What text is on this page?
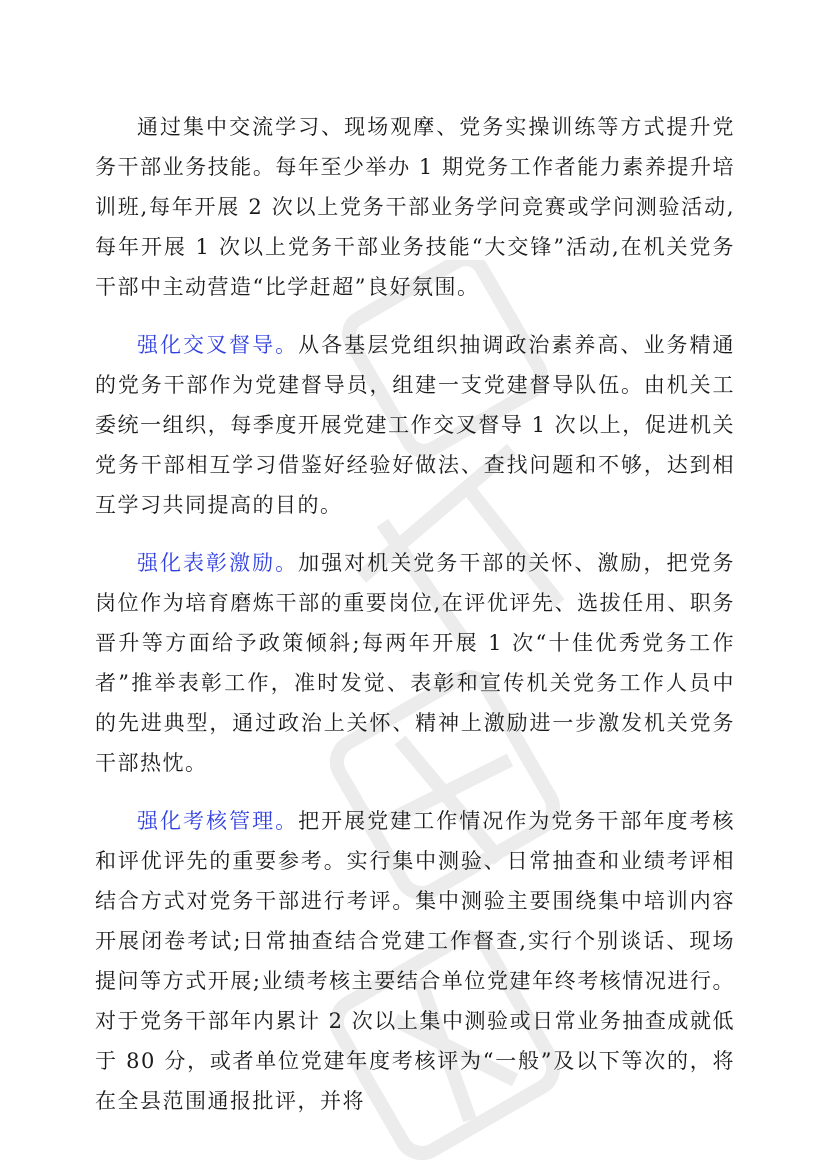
通过集中交流学习、现场观摩、党务实操训练等方式提升党务干部业务技能。每年至少举办 1 期党务工作者能力素养提升培训班,每年开展 2 次以上党务干部业务学问竞赛或学问测验活动,每年开展 1 次以上党务干部业务技能“大交锋”活动,在机关党务干部中主动营造“比学赶超”良好氛围。

强化交叉督导。从各基层党组织抽调政治素养高、业务精通的党务干部作为党建督导员，组建一支党建督导队伍。由机关工委统一组织，每季度开展党建工作交叉督导 1 次以上，促进机关党务干部相互学习借鉴好经验好做法、查找问题和不够，达到相互学习共同提高的目的。

强化表彰激励。加强对机关党务干部的关怀、激励，把党务岗位作为培育磨炼干部的重要岗位,在评优评先、选拔任用、职务晋升等方面给予政策倾斜;每两年开展 1 次“十佳优秀党务工作者”推举表彰工作，准时发觉、表彰和宣传机关党务工作人员中的先进典型，通过政治上关怀、精神上激励进一步激发机关党务干部热忱。

强化考核管理。把开展党建工作情况作为党务干部年度考核和评优评先的重要参考。实行集中测验、日常抽查和业绩考评相结合方式对党务干部进行考评。集中测验主要围绕集中培训内容开展闭卷考试;日常抽查结合党建工作督查,实行个别谈话、现场提问等方式开展;业绩考核主要结合单位党建年终考核情况进行。对于党务干部年内累计 2 次以上集中测验或日常业务抽查成就低于 80 分，或者单位党建年度考核评为“一般”及以下等次的，将在全县范围通报批评，并将
